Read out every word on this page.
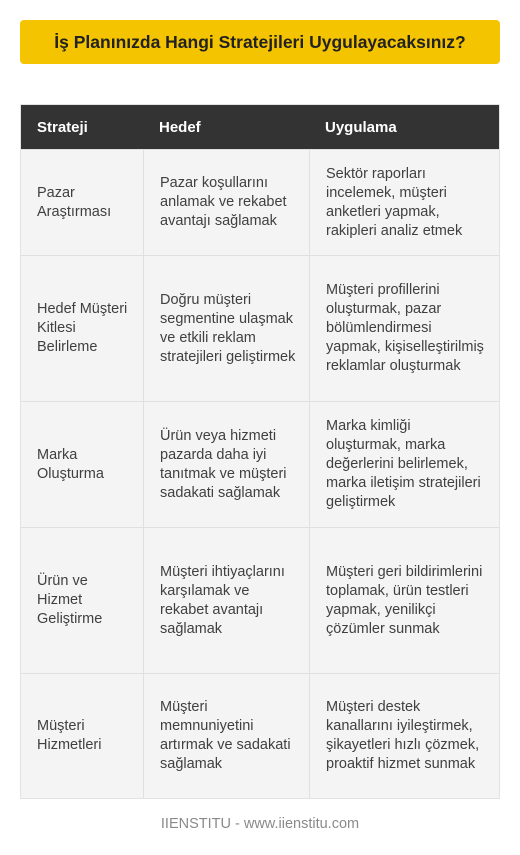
İş Planınızda Hangi Stratejileri Uygulayacaksınız?
Strateji	Hedef	Uygulama
Pazar Araştırması
Pazar koşullarını anlamak ve rekabet avantajı sağlamak
Sektör raporları incelemek, müşteri anketleri yapmak, rakipleri analiz etmek
Hedef Müşteri Kitlesi Belirleme
Doğru müşteri segmentine ulaşmak ve etkili reklam stratejileri geliştirmek
Müşteri profillerini oluşturmak, pazar bölümlendirmesi yapmak, kişiselleştirilmiş reklamlar oluşturmak
Marka Oluşturma
Ürün veya hizmeti pazarda daha iyi tanıtmak ve müşteri sadakati sağlamak
Marka kimliği oluşturmak, marka değerlerini belirlemek, marka iletişim stratejileri geliştirmek
Ürün ve Hizmet Geliştirme
Müşteri ihtiyaçlarını karşılamak ve rekabet avantajı sağlamak
Müşteri geri bildirimlerini toplamak, ürün testleri yapmak, yenilikçi çözümler sunmak
Müşteri Hizmetleri
Müşteri memnuniyetini artırmak ve sadakati sağlamak
Müşteri destek kanallarını iyileştirmek, şikayetleri hızlı çözmek, proaktif hizmet sunmak
IIENSTITU - www.iienstitu.com
